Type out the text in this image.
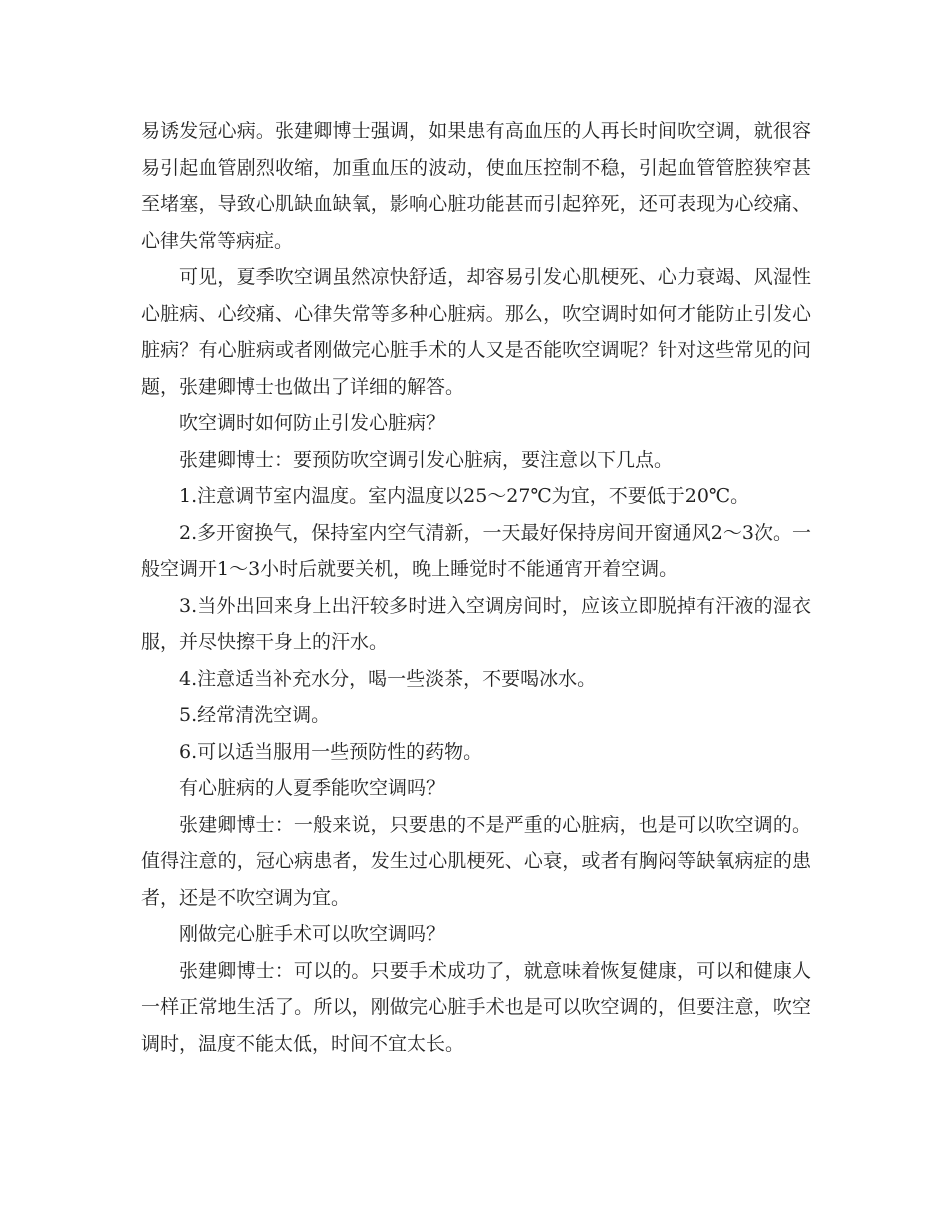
易诱发冠心病。张建卿博士强调，如果患有高血压的人再长时间吹空调，就很容易引起血管剧烈收缩，加重血压的波动，使血压控制不稳，引起血管管腔狭窄甚至堵塞，导致心肌缺血缺氧，影响心脏功能甚而引起猝死，还可表现为心绞痛、心律失常等病症。

可见，夏季吹空调虽然凉快舒适，却容易引发心肌梗死、心力衰竭、风湿性心脏病、心绞痛、心律失常等多种心脏病。那么，吹空调时如何才能防止引发心脏病？有心脏病或者刚做完心脏手术的人又是否能吹空调呢？针对这些常见的问题，张建卿博士也做出了详细的解答。

吹空调时如何防止引发心脏病？

张建卿博士：要预防吹空调引发心脏病，要注意以下几点。

1.注意调节室内温度。室内温度以25～27℃为宜，不要低于20℃。

2.多开窗换气，保持室内空气清新，一天最好保持房间开窗通风2～3次。一般空调开1～3小时后就要关机，晚上睡觉时不能通宵开着空调。

3.当外出回来身上出汗较多时进入空调房间时，应该立即脱掉有汗液的湿衣服，并尽快擦干身上的汗水。

4.注意适当补充水分，喝一些淡茶，不要喝冰水。

5.经常清洗空调。

6.可以适当服用一些预防性的药物。

有心脏病的人夏季能吹空调吗？

张建卿博士：一般来说，只要患的不是严重的心脏病，也是可以吹空调的。值得注意的，冠心病患者，发生过心肌梗死、心衰，或者有胸闷等缺氧病症的患者，还是不吹空调为宜。

刚做完心脏手术可以吹空调吗？

张建卿博士：可以的。只要手术成功了，就意味着恢复健康，可以和健康人一样正常地生活了。所以，刚做完心脏手术也是可以吹空调的，但要注意，吹空调时，温度不能太低，时间不宜太长。
